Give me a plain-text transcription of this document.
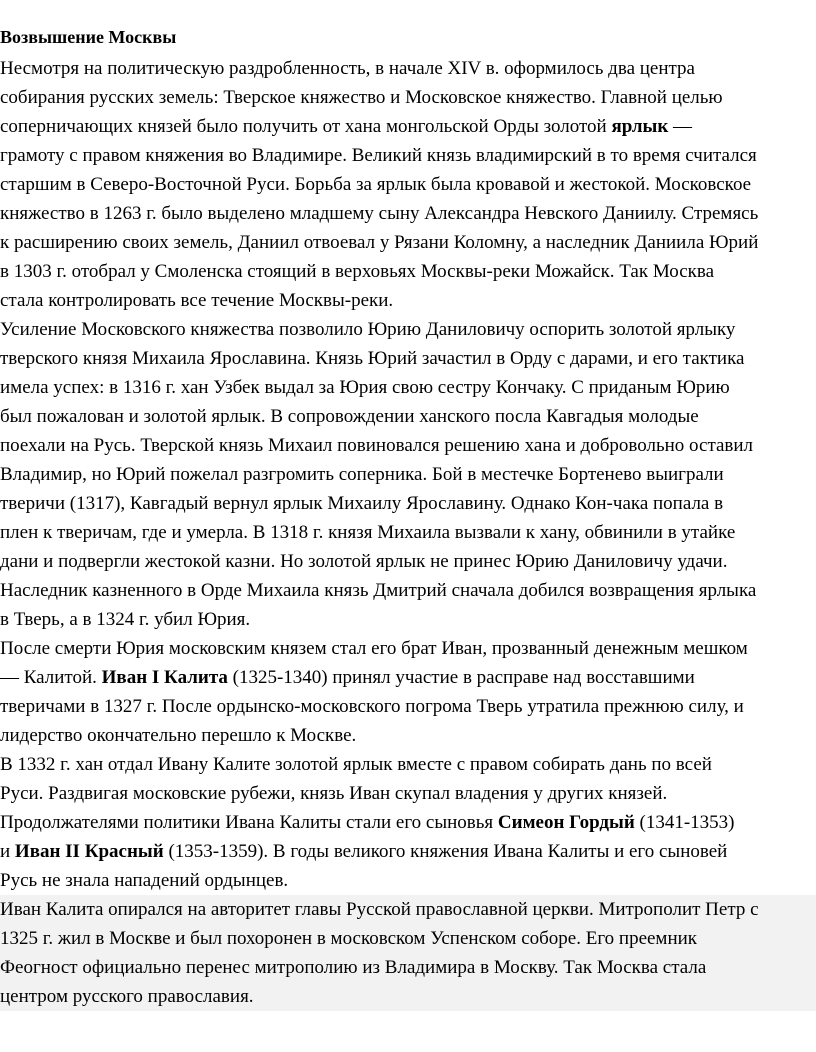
Возвышение Москвы
Несмотря на политическую раздробленность, в начале XIV в. оформилось два центра
собирания русских земель: Тверское княжество и Московское княжество. Главной целью
соперничающих князей было получить от хана монгольской Орды золотой ярлык —
грамоту с правом княжения во Владимире. Великий князь владимирский в то время считался
старшим в Северо-Восточной Руси. Борьба за ярлык была кровавой и жестокой. Московское
княжество в 1263 г. было выделено младшему сыну Александра Невского Даниилу. Стремясь
к расширению своих земель, Даниил отвоевал у Рязани Коломну, а наследник Даниила Юрий
в 1303 г. отобрал у Смоленска стоящий в верховьях Москвы-реки Можайск. Так Москва
стала контролировать все течение Москвы-реки.
Усиление Московского княжества позволило Юрию Даниловичу оспорить золотой ярлыку
тверского князя Михаила Ярославина. Князь Юрий зачастил в Орду с дарами, и его тактика
имела успех: в 1316 г. хан Узбек выдал за Юрия свою сестру Кончаку. С приданым Юрию
был пожалован и золотой ярлык. В сопровождении ханского посла Кавгадыя молодые
поехали на Русь. Тверской князь Михаил повиновался решению хана и добровольно оставил
Владимир, но Юрий пожелал разгромить соперника. Бой в местечке Бортенево выиграли
тверичи (1317), Кавгадый вернул ярлык Михаилу Ярославину. Однако Кон-чака попала в
плен к тверичам, где и умерла. В 1318 г. князя Михаила вызвали к хану, обвинили в утайке
дани и подвергли жестокой казни. Но золотой ярлык не принес Юрию Даниловичу удачи.
Наследник казненного в Орде Михаила князь Дмитрий сначала добился возвращения ярлыка
в Тверь, а в 1324 г. убил Юрия.
После смерти Юрия московским князем стал его брат Иван, прозванный денежным мешком
— Калитой. Иван I Калита (1325-1340) принял участие в расправе над восставшими
тверичами в 1327 г. После ордынско-московского погрома Тверь утратила прежнюю силу, и
лидерство окончательно перешло к Москве.
В 1332 г. хан отдал Ивану Калите золотой ярлык вместе с правом собирать дань по всей
Руси. Раздвигая московские рубежи, князь Иван скупал владения у других князей.
Продолжателями политики Ивана Калиты стали его сыновья Симеон Гордый (1341-1353)
и Иван II Красный (1353-1359). В годы великого княжения Ивана Калиты и его сыновей
Русь не знала нападений ордынцев.
Иван Калита опирался на авторитет главы Русской православной церкви. Митрополит Петр с
1325 г. жил в Москве и был похоронен в московском Успенском соборе. Его преемник
Феогност официально перенес митрополию из Владимира в Москву. Так Москва стала
центром русского православия.
